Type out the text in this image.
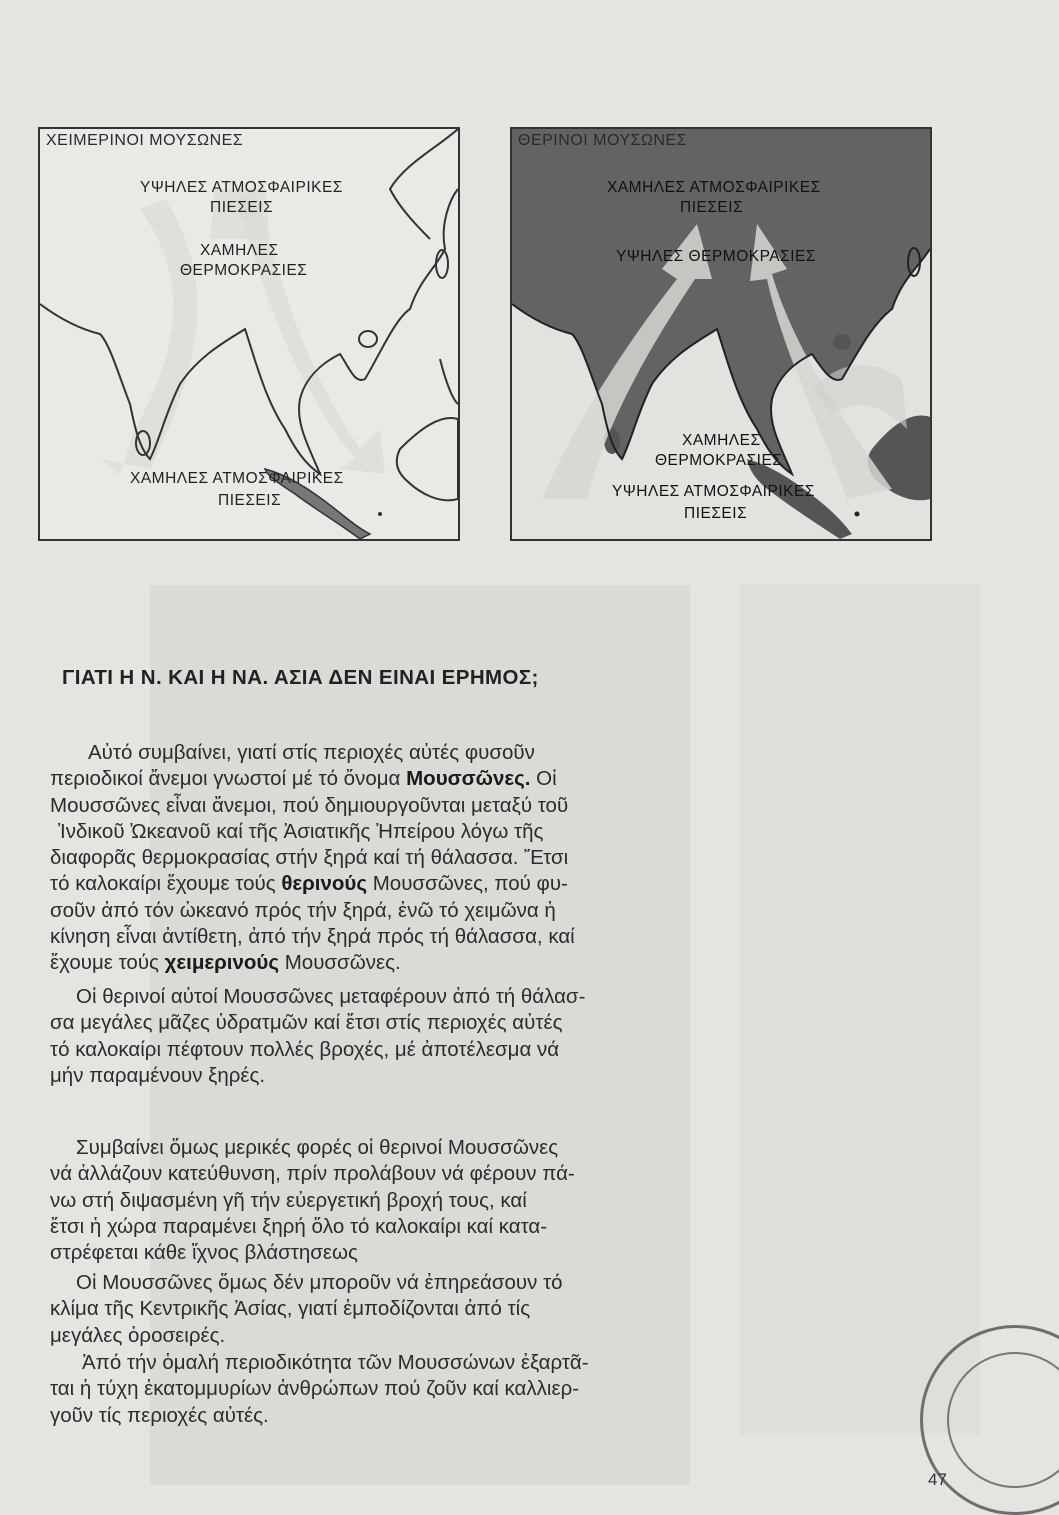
ΧΕΙΜΕΡΙΝΟΙ ΜΟΥΣΩΝΕΣ
ΥΨΗΛΕΣ ΑΤΜΟΣΦΑΙΡΙΚΕΣ
ΠΙΕΣΕΙΣ
ΧΑΜΗΛΕΣ
ΘΕΡΜΟΚΡΑΣΙΕΣ
ΧΑΜΗΛΕΣ ΑΤΜΟΣΦΑΙΡΙΚΕΣ
ΠΙΕΣΕΙΣ
ΘΕΡΙΝΟΙ ΜΟΥΣΩΝΕΣ
ΧΑΜΗΛΕΣ ΑΤΜΟΣΦΑΙΡΙΚΕΣ
ΠΙΕΣΕΙΣ
ΥΨΗΛΕΣ ΘΕΡΜΟΚΡΑΣΙΕΣ
ΧΑΜΗΛΕΣ
ΘΕΡΜΟΚΡΑΣΙΕΣ
ΥΨΗΛΕΣ ΑΤΜΟΣΦΑΙΡΙΚΕΣ
ΠΙΕΣΕΙΣ
ΓΙΑΤΙ Η Ν. ΚΑΙ Η ΝΑ. ΑΣΙΑ ΔΕΝ ΕΙΝΑΙ ΕΡΗΜΟΣ;
Αὐτό συμβαίνει, γιατί στίς περιοχές αὐτές φυσοῦν
περιοδικοί ἄνεμοι γνωστοί μέ τό ὄνομα Μουσσῶνες. Οἱ
Μουσσῶνες εἶναι ἄνεμοι, πού δημιουργοῦνται μεταξύ τοῦ
Ἰνδικοῦ Ὠκεανοῦ καί τῆς Ἀσιατικῆς Ἠπείρου λόγω τῆς
διαφορᾶς θερμοκρασίας στήν ξηρά καί τή θάλασσα. Ἔτσι
τό καλοκαίρι ἔχουμε τούς θερινούς Μουσσῶνες, πού φυ-
σοῦν ἀπό τόν ὠκεανό πρός τήν ξηρά, ἐνῶ τό χειμῶνα ἡ
κίνηση εἶναι ἀντίθετη, ἀπό τήν ξηρά πρός τή θάλασσα, καί
ἔχουμε τούς χειμερινούς Μουσσῶνες.
Οἱ θερινοί αὐτοί Μουσσῶνες μεταφέρουν ἀπό τή θάλασ-
σα μεγάλες μᾶζες ὑδρατμῶν καί ἔτσι στίς περιοχές αὐτές
τό καλοκαίρι πέφτουν πολλές βροχές, μέ ἀποτέλεσμα νά
μήν παραμένουν ξηρές.
Συμβαίνει ὅμως μερικές φορές οἱ θερινοί Μουσσῶνες
νά ἀλλάζουν κατεύθυνση, πρίν προλάβουν νά φέρουν πά-
νω στή διψασμένη γῆ τήν εὐεργετική βροχή τους, καί
ἔτσι ἡ χώρα παραμένει ξηρή ὅλο τό καλοκαίρι καί κατα-
στρέφεται κάθε ἴχνος βλάστησεως
Οἱ Μουσσῶνες ὅμως δέν μποροῦν νά ἐπηρεάσουν τό
κλίμα τῆς Κεντρικῆς Ἀσίας, γιατί ἐμποδίζονται ἀπό τίς
μεγάλες ὀροσειρές.
Ἀπό τήν ὁμαλή περιοδικότητα τῶν Μουσσώνων ἐξαρτᾶ-
ται ἡ τύχη ἑκατομμυρίων ἀνθρώπων πού ζοῦν καί καλλιερ-
γοῦν τίς περιοχές αὐτές.
47
